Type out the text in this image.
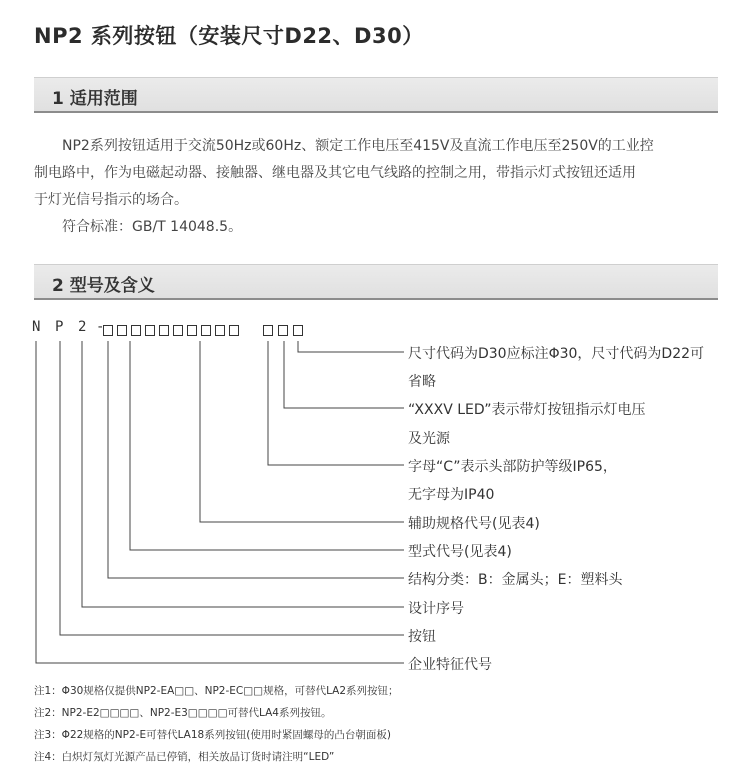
NP2 系列按钮（安装尺寸D22、D30）
1 适用范围

NP2系列按钮适用于交流50Hz或60Hz、额定工作电压至415V及直流工作电压至250V的工业控

制电路中，作为电磁起动器、接触器、继电器及其它电气线路的控制之用，带指示灯式按钮还适用

于灯光信号指示的场合。

符合标准：GB/T 14048.5。

2 型号及含义

N

P

2

-

尺寸代码为D30应标注Φ30，尺寸代码为D22可
省略
“XXXV LED”表示带灯按钮指示灯电压
及光源
字母“C”表示头部防护等级IP65，
无字母为IP40
辅助规格代号(见表4)
型式代号(见表4)
结构分类：B：金属头；E：塑料头
设计序号
按钮
企业特征代号
注1：Φ30规格仅提供NP2-EA□□、NP2-EC□□规格，可替代LA2系列按钮；
注2：NP2-E2□□□□、NP2-E3□□□□可替代LA4系列按钮。
注3：Φ22规格的NP2-E可替代LA18系列按钮(使用时紧固螺母的凸台朝面板)
注4：白炽灯氖灯光源产品已停销，相关放品订货时请注明“LED”
